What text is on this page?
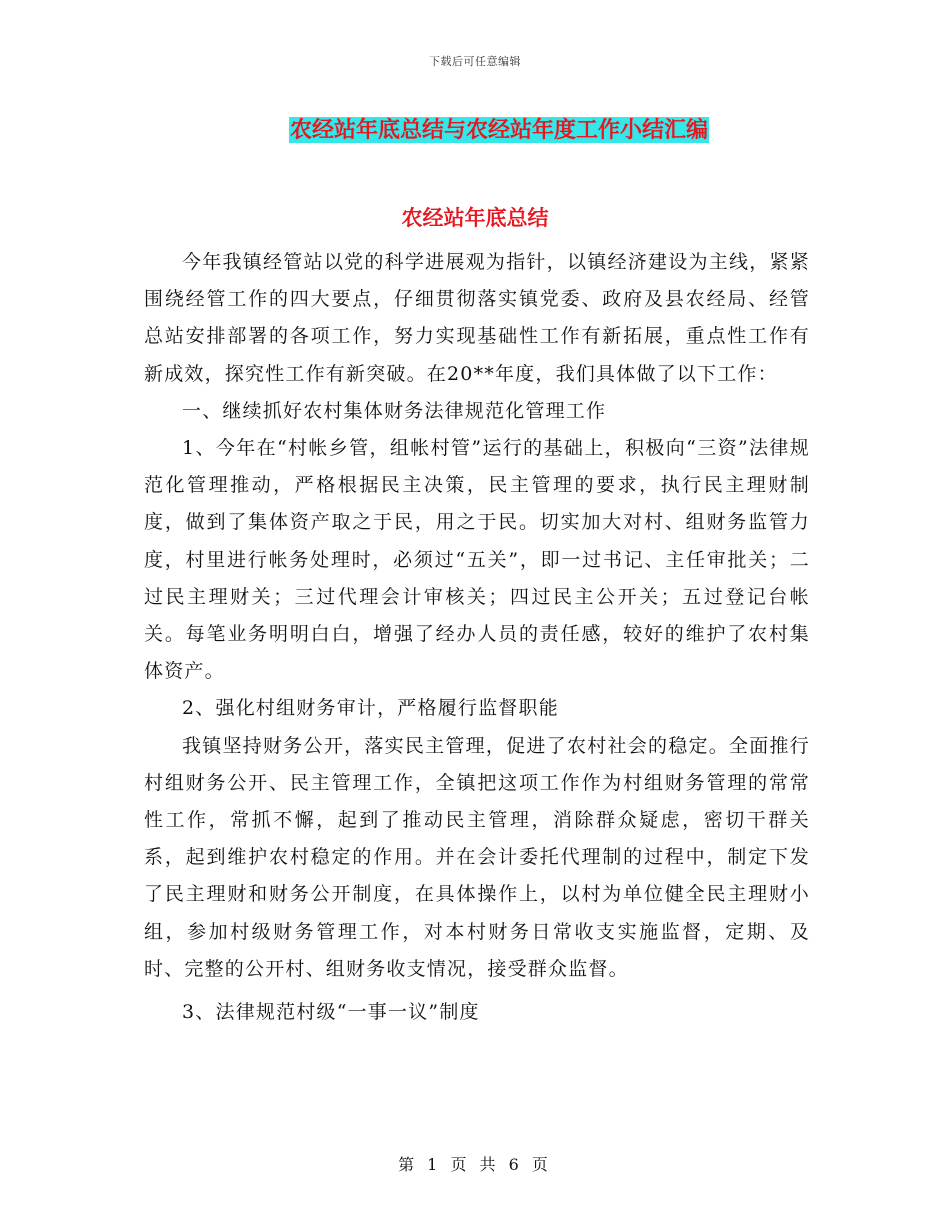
下载后可任意编辑
农经站年底总结与农经站年度工作小结汇编
农经站年底总结

今年我镇经管站以党的科学进展观为指针，以镇经济建设为主线，紧紧围绕经管工作的四大要点，仔细贯彻落实镇党委、政府及县农经局、经管总站安排部署的各项工作，努力实现基础性工作有新拓展，重点性工作有新成效，探究性工作有新突破。在20**年度，我们具体做了以下工作：

一、继续抓好农村集体财务法律规范化管理工作

1、今年在“村帐乡管，组帐村管”运行的基础上，积极向“三资”法律规范化管理推动，严格根据民主决策，民主管理的要求，执行民主理财制度，做到了集体资产取之于民，用之于民。切实加大对村、组财务监管力度，村里进行帐务处理时，必须过“五关”，即一过书记、主任审批关；二过民主理财关；三过代理会计审核关；四过民主公开关；五过登记台帐关。每笔业务明明白白，增强了经办人员的责任感，较好的维护了农村集体资产。

2、强化村组财务审计，严格履行监督职能

我镇坚持财务公开，落实民主管理，促进了农村社会的稳定。全面推行村组财务公开、民主管理工作，全镇把这项工作作为村组财务管理的常常性工作，常抓不懈，起到了推动民主管理，消除群众疑虑，密切干群关系，起到维护农村稳定的作用。并在会计委托代理制的过程中，制定下发了民主理财和财务公开制度，在具体操作上，以村为单位健全民主理财小组，参加村级财务管理工作，对本村财务日常收支实施监督，定期、及时、完整的公开村、组财务收支情况，接受群众监督。

3、法律规范村级“一事一议”制度

第 1 页 共 6 页
